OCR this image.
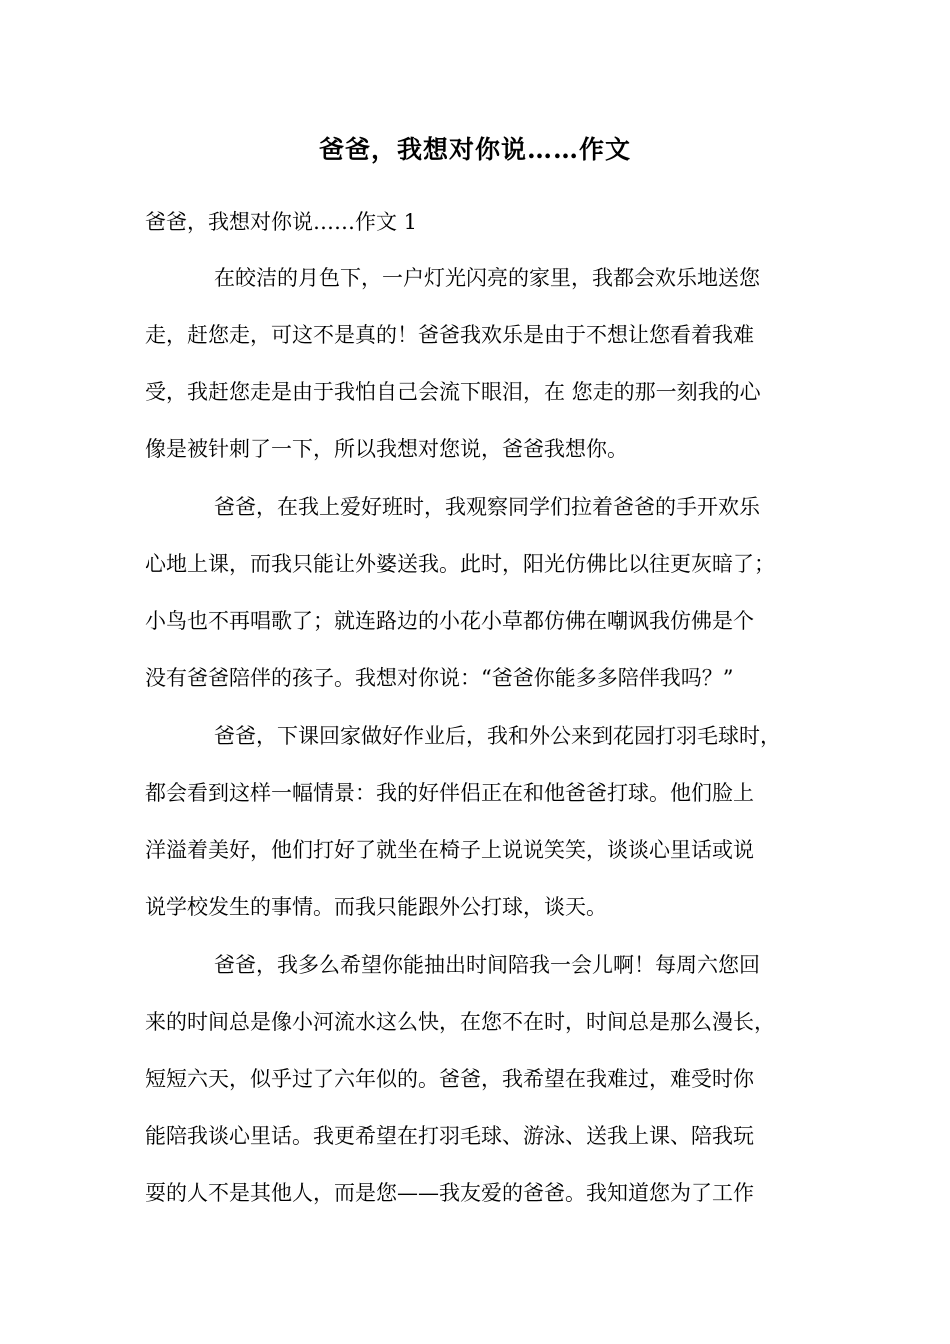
爸爸，我想对你说……作文

爸爸，我想对你说……作文 1

在皎洁的月色下，一户灯光闪亮的家里，我都会欢乐地送您

走，赶您走，可这不是真的！爸爸我欢乐是由于不想让您看着我难

受，我赶您走是由于我怕自己会流下眼泪，在 您走的那一刻我的心

像是被针刺了一下，所以我想对您说，爸爸我想你。

爸爸，在我上爱好班时，我观察同学们拉着爸爸的手开欢乐

心地上课，而我只能让外婆送我。此时，阳光仿佛比以往更灰暗了；

小鸟也不再唱歌了；就连路边的小花小草都仿佛在嘲讽我仿佛是个

没有爸爸陪伴的孩子。我想对你说：“爸爸你能多多陪伴我吗？”

爸爸，下课回家做好作业后，我和外公来到花园打羽毛球时，

都会看到这样一幅情景：我的好伴侣正在和他爸爸打球。他们脸上

洋溢着美好，他们打好了就坐在椅子上说说笑笑，谈谈心里话或说

说学校发生的事情。而我只能跟外公打球，谈天。

爸爸，我多么希望你能抽出时间陪我一会儿啊！每周六您回

来的时间总是像小河流水这么快，在您不在时，时间总是那么漫长，

短短六天，似乎过了六年似的。爸爸，我希望在我难过，难受时你

能陪我谈心里话。我更希望在打羽毛球、游泳、送我上课、陪我玩

耍的人不是其他人，而是您——我友爱的爸爸。我知道您为了工作
